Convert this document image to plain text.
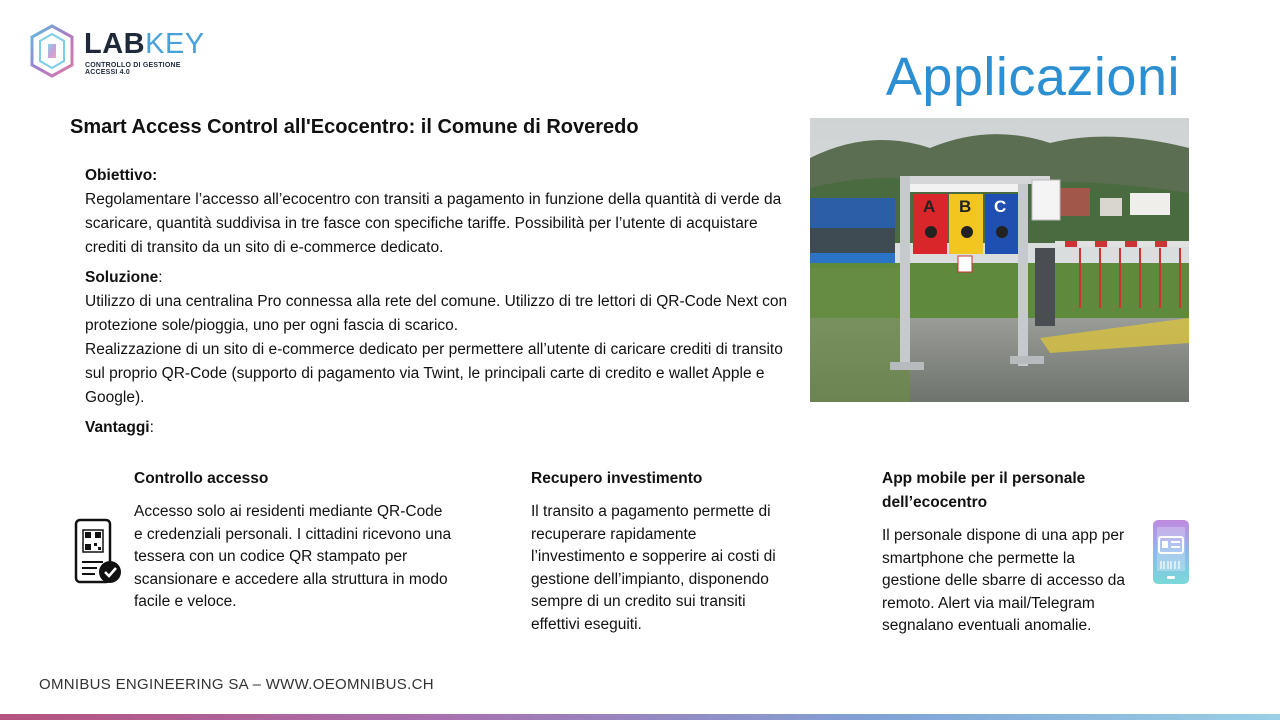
LABKEY
CONTROLLO DI GESTIONE ACCESSI 4.0	Applicazioni
Smart Access Control all'Ecocentro: il Comune di Roveredo

Obiettivo:
Regolamentare l’accesso all’ecocentro con transiti a pagamento in funzione della quantità di verde da scaricare, quantità suddivisa in tre fasce con specifiche tariffe. Possibilità per l’utente di acquistare crediti di transito da un sito di e-commerce dedicato.

Soluzione:
Utilizzo di una centralina Pro connessa alla rete del comune. Utilizzo di tre lettori di QR-Code Next con protezione sole/pioggia, uno per ogni fascia di scarico.
Realizzazione di un sito di e-commerce dedicato per permettere all’utente di caricare crediti di transito sul proprio QR-Code (supporto di pagamento via Twint, le principali carte di credito e wallet Apple e Google).

Vantaggi:

A B C
Controllo accesso

Accesso solo ai residenti mediante QR-Code e credenziali personali. I cittadini ricevono una tessera con un codice QR stampato per scansionare e accedere alla struttura in modo facile e veloce.

Recupero investimento

Il transito a pagamento permette di recuperare rapidamente l’investimento e sopperire ai costi di gestione dell’impianto, disponendo sempre di un credito sui transiti effettivi eseguiti.

App mobile per il personale dell’ecocentro

Il personale dispone di una app per smartphone che permette la gestione delle sbarre di accesso da remoto. Alert via mail/Telegram segnalano eventuali anomalie.

OMNIBUS ENGINEERING SA – WWW.OEOMNIBUS.CH
